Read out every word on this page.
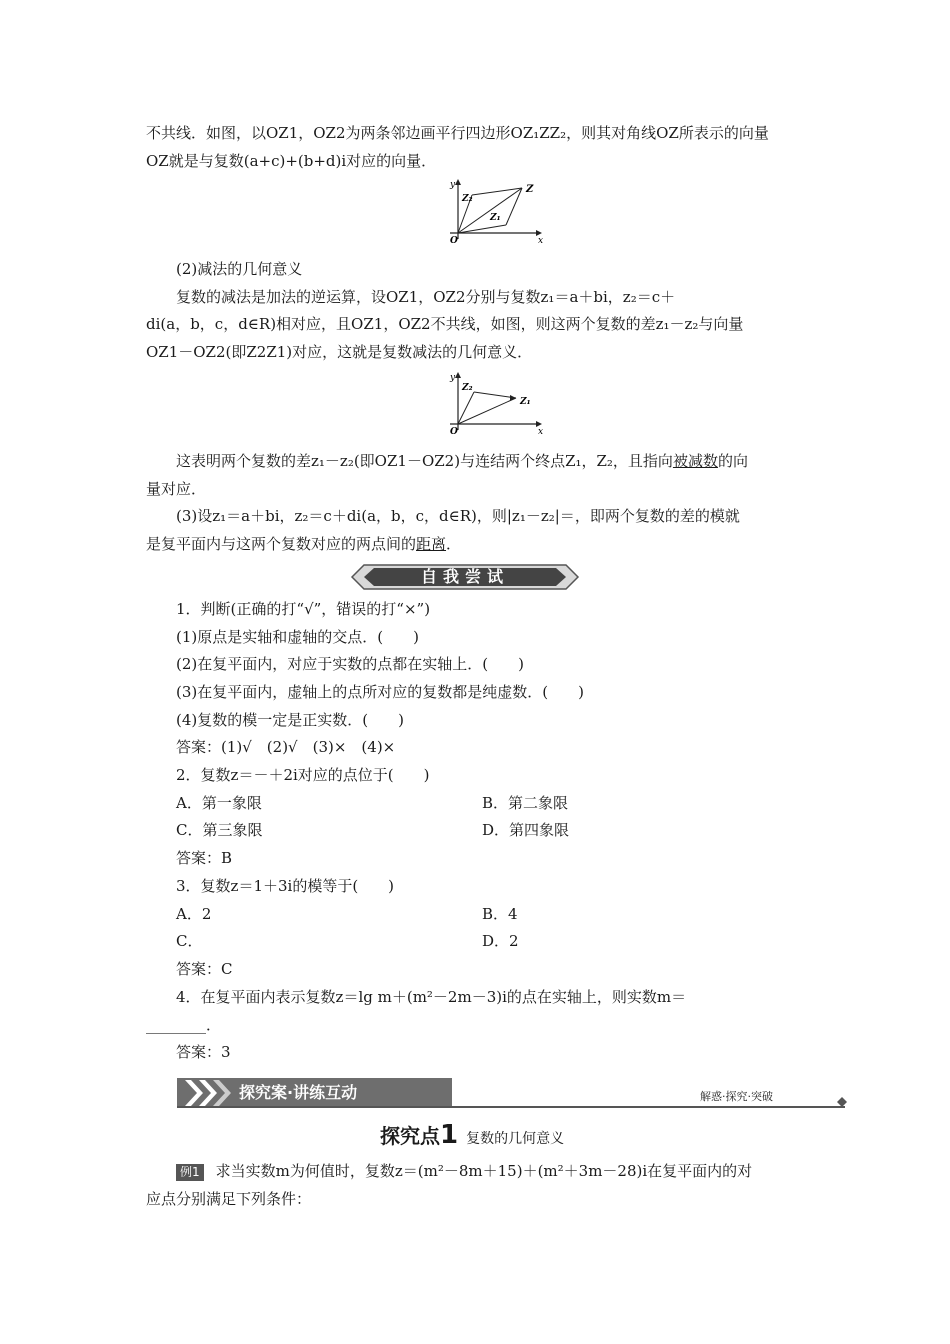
不共线．如图，以OZ1，OZ2为两条邻边画平行四边形OZ₁ZZ₂，则其对角线OZ所表示的向量
OZ就是与复数(a+c)+(b+d)i对应的向量．
y
x
O
Z
Z₁
Z₂
(2)减法的几何意义
复数的减法是加法的逆运算，设OZ1，OZ2分别与复数z₁＝a＋bi，z₂＝c＋
di(a，b，c，d∈R)相对应，且OZ1，OZ2不共线，如图，则这两个复数的差z₁－z₂与向量
OZ1－OZ2(即Z2Z1)对应，这就是复数减法的几何意义．
y
x
O
Z₁
Z₂
这表明两个复数的差z₁－z₂(即OZ1－OZ2)与连结两个终点Z₁，Z₂，且指向被减数的向
量对应．
(3)设z₁＝a＋bi，z₂＝c＋di(a，b，c，d∈R)，则|z₁－z₂|＝，即两个复数的差的模就
是复平面内与这两个复数对应的两点间的距离．
自我尝试
1．判断(正确的打“√”，错误的打“×”)
(1)原点是实轴和虚轴的交点．(　　)
(2)在复平面内，对应于实数的点都在实轴上．(　　)
(3)在复平面内，虚轴上的点所对应的复数都是纯虚数．(　　)
(4)复数的模一定是正实数．(　　)
答案：(1)√　(2)√　(3)×　(4)×
2．复数z＝－＋2i对应的点位于(　　)
A．第一象限	B．第二象限
C．第三象限	D．第四象限
答案：B
3．复数z＝1＋3i的模等于(　　)
A．2	B．4
C．	D．2
答案：C
4．在复平面内表示复数z＝lg m＋(m²－2m－3)i的点在实轴上，则实数m＝
________．
答案：3
探究案·讲练互动	解惑·探究·突破
探究点1 复数的几何意义
例1 求当实数m为何值时，复数z＝(m²－8m＋15)＋(m²＋3m－28)i在复平面内的对
应点分别满足下列条件：
